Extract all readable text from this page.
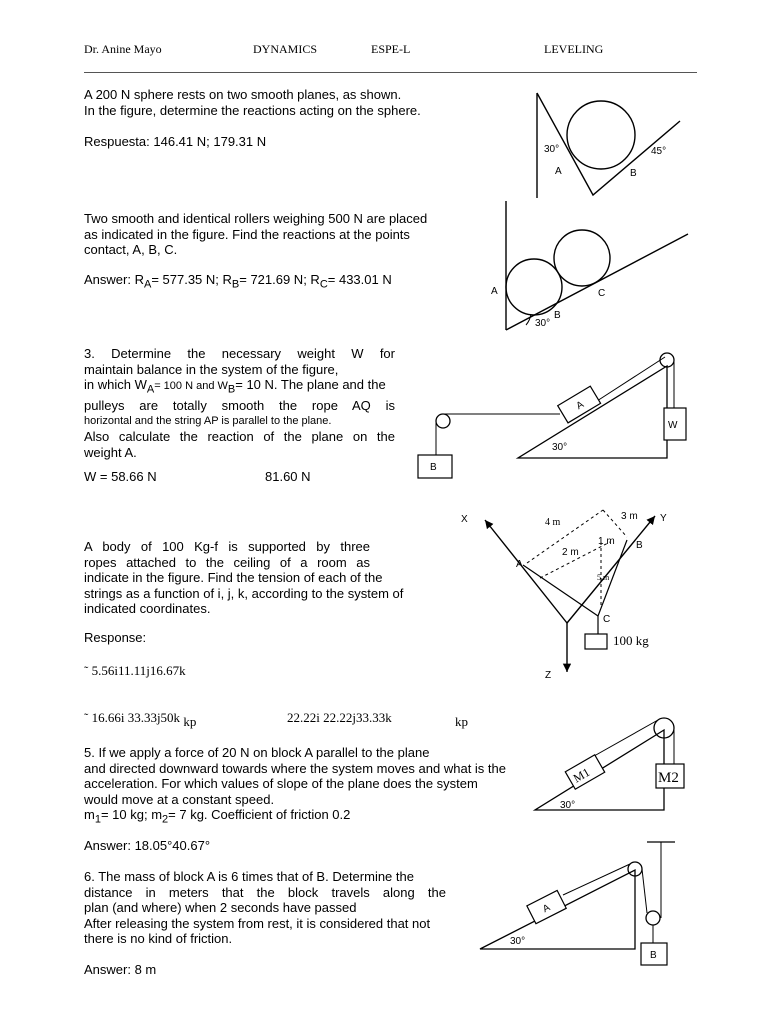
Dr. Anine Mayo	DYNAMICS	ESPE-L	LEVELING
A 200 N sphere rests on two smooth planes, as shown.
In the figure, determine the reactions acting on the sphere.
Respuesta: 146.41 N; 179.31 N
30°	45°
A	B
Two smooth and identical rollers weighing 500 N are placed
as indicated in the figure. Find the reactions at the points
contact, A, B, C.
Answer: $R_A= 577.35$ N; $R_B= 721.69$ N; $R_C= 433.01$ N
A
B
C
30°
3. Determine the necessary weight W for
maintain balance in the system of the figure,
in which $W_A= 100$ N and $W_B= 10$ N. The plane and the
pulleys are totally smooth the rope AQ is
horizontal and the string AP is parallel to the plane.
Also calculate the reaction of the plane on the
weight A.
W = 58.66 N	81.60 N
A
B
W
30°
A body of 100 Kg-f is supported by three
ropes attached to the ceiling of a room as
indicate in the figure. Find the tension of each of the
strings as a function of i, j, k, according to the system of
indicated coordinates.
Response:
˜ 5.56i11.11j16.67k
˜ 16.66i 33.33j50k kp	22.22i 22.22j33.33k	kp
X	Y
Z
A
B
C
4 m
3 m
2 m
1 m
5 m
100 kg
5. If we apply a force of 20 N on block A parallel to the plane
and directed downward towards where the system moves and what is the
acceleration. For which values of slope of the plane does the system
would move at a constant speed.
$m_1= 10$ kg; $m_2= 7$ kg. Coefficient of friction 0.2
Answer: 18.05°40.67°
M1	M2
30°
6. The mass of block A is 6 times that of B. Determine the
distance in meters that the block travels along the
plan (and where) when 2 seconds have passed
After releasing the system from rest, it is considered that not
there is no kind of friction.
Answer: 8 m
A
B
30°
